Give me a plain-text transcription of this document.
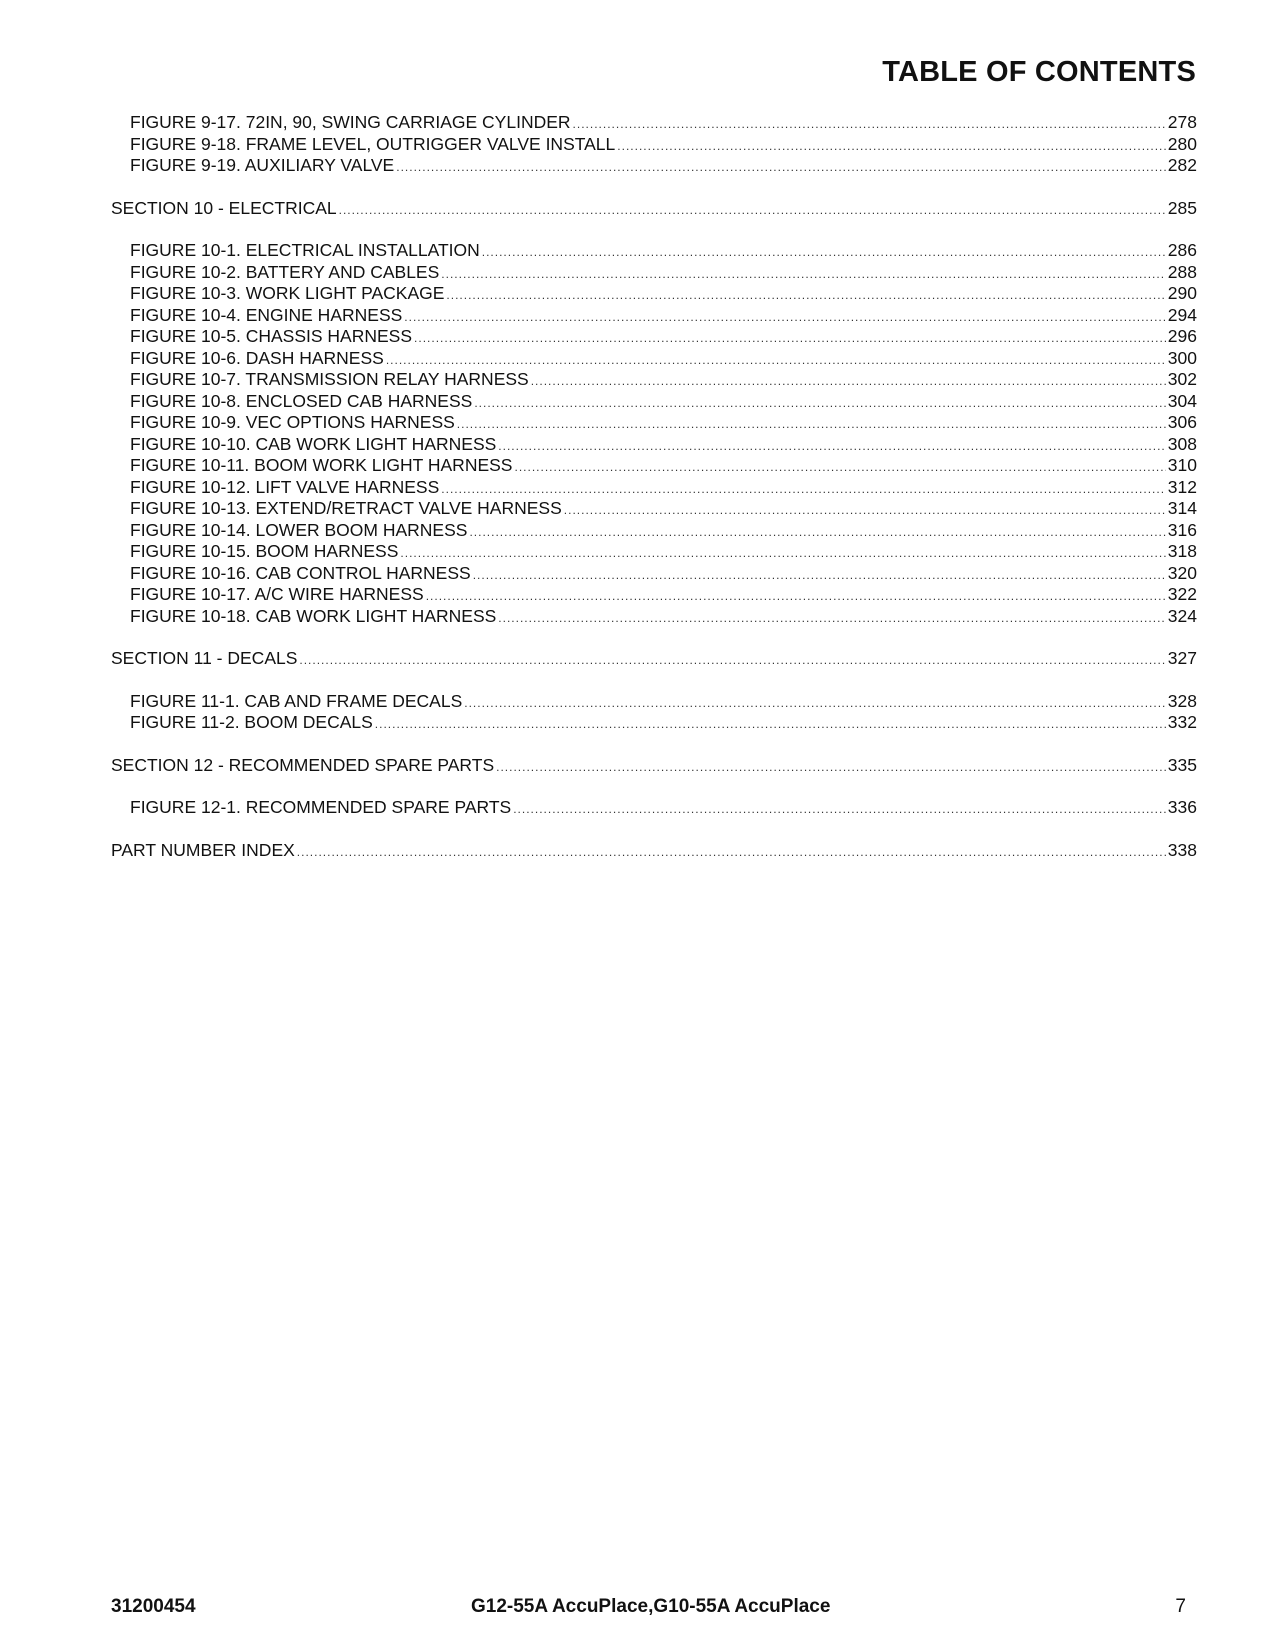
TABLE OF CONTENTS
FIGURE 9-17. 72IN, 90, SWING CARRIAGE CYLINDER .....	278
FIGURE 9-18. FRAME LEVEL, OUTRIGGER VALVE INSTALL .....	280
FIGURE 9-19. AUXILIARY VALVE .....	282
SECTION 10 - ELECTRICAL .....	285
FIGURE 10-1. ELECTRICAL INSTALLATION .....	286
FIGURE 10-2. BATTERY AND CABLES .....	288
FIGURE 10-3. WORK LIGHT PACKAGE .....	290
FIGURE 10-4. ENGINE HARNESS .....	294
FIGURE 10-5. CHASSIS HARNESS .....	296
FIGURE 10-6. DASH HARNESS .....	300
FIGURE 10-7. TRANSMISSION RELAY HARNESS .....	302
FIGURE 10-8. ENCLOSED CAB HARNESS .....	304
FIGURE 10-9. VEC OPTIONS HARNESS .....	306
FIGURE 10-10. CAB WORK LIGHT HARNESS .....	308
FIGURE 10-11. BOOM WORK LIGHT HARNESS .....	310
FIGURE 10-12. LIFT VALVE HARNESS .....	312
FIGURE 10-13. EXTEND/RETRACT VALVE HARNESS .....	314
FIGURE 10-14. LOWER BOOM HARNESS .....	316
FIGURE 10-15. BOOM HARNESS .....	318
FIGURE 10-16. CAB CONTROL HARNESS .....	320
FIGURE 10-17. A/C WIRE HARNESS .....	322
FIGURE 10-18. CAB WORK LIGHT HARNESS .....	324
SECTION 11 - DECALS .....	327
FIGURE 11-1. CAB AND FRAME DECALS .....	328
FIGURE 11-2. BOOM DECALS .....	332
SECTION 12 - RECOMMENDED SPARE PARTS .....	335
FIGURE 12-1. RECOMMENDED SPARE PARTS .....	336
PART NUMBER INDEX .....	338
31200454	G12-55A AccuPlace,G10-55A AccuPlace	7
